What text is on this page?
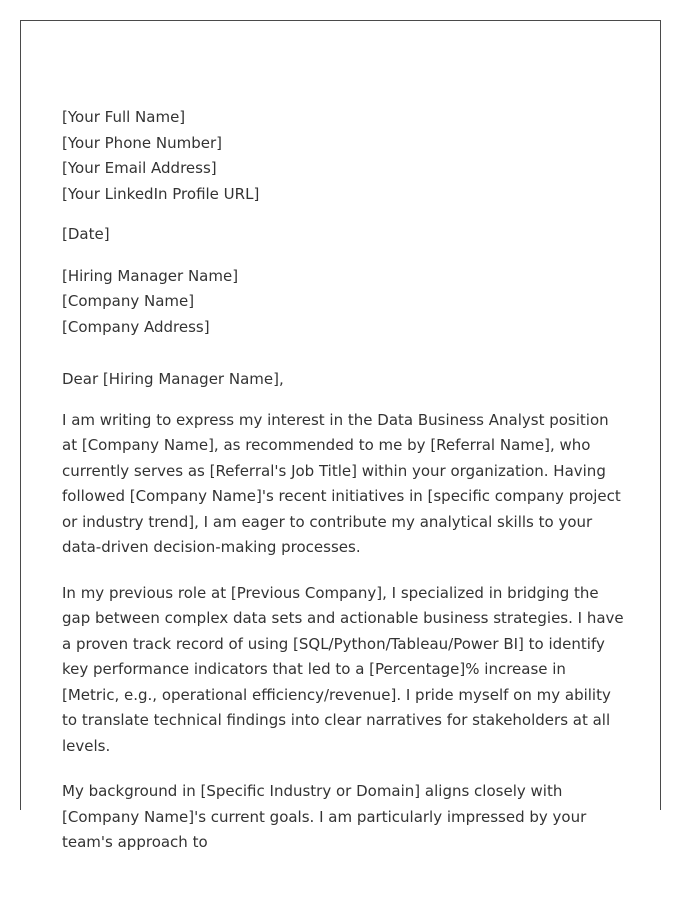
[Your Full Name]

[Your Phone Number]

[Your Email Address]

[Your LinkedIn Profile URL]

[Date]

[Hiring Manager Name]

[Company Name]

[Company Address]

Dear [Hiring Manager Name],

I am writing to express my interest in the Data Business Analyst position at [Company Name], as recommended to me by [Referral Name], who currently serves as [Referral's Job Title] within your organization. Having followed [Company Name]'s recent initiatives in [specific company project or industry trend], I am eager to contribute my analytical skills to your data-driven decision-making processes.

In my previous role at [Previous Company], I specialized in bridging the gap between complex data sets and actionable business strategies. I have a proven track record of using [SQL/Python/Tableau/Power BI] to identify key performance indicators that led to a [Percentage]% increase in [Metric, e.g., operational efficiency/revenue]. I pride myself on my ability to translate technical findings into clear narratives for stakeholders at all levels.

My background in [Specific Industry or Domain] aligns closely with [Company Name]'s current goals. I am particularly impressed by your team's approach to
